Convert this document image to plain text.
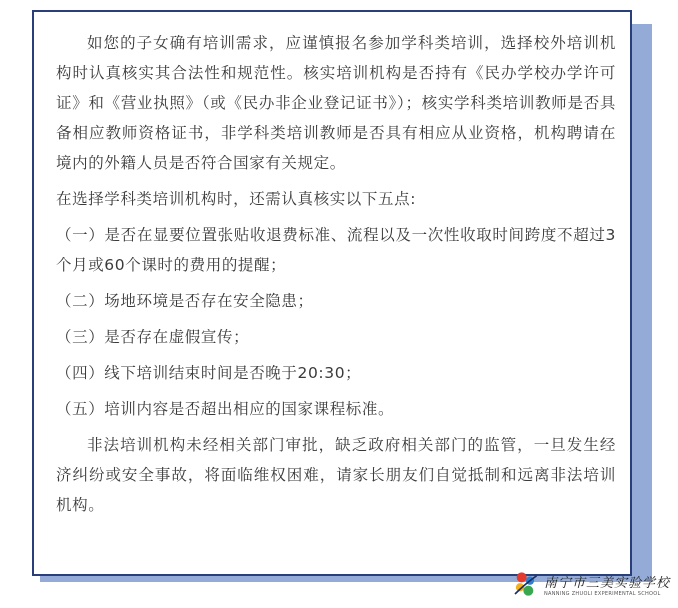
如您的子女确有培训需求，应谨慎报名参加学科类培训，选择校外培训机构时认真核实其合法性和规范性。核实培训机构是否持有《民办学校办学许可证》和《营业执照》（或《民办非企业登记证书》）；核实学科类培训教师是否具备相应教师资格证书，非学科类培训教师是否具有相应从业资格，机构聘请在境内的外籍人员是否符合国家有关规定。

在选择学科类培训机构时，还需认真核实以下五点:

（一）是否在显要位置张贴收退费标准、流程以及一次性收取时间跨度不超过3个月或60个课时的费用的提醒；

（二）场地环境是否存在安全隐患；

（三）是否存在虚假宣传；

（四）线下培训结束时间是否晚于20:30；

（五）培训内容是否超出相应的国家课程标准。

非法培训机构未经相关部门审批，缺乏政府相关部门的监管，一旦发生经济纠纷或安全事故，将面临维权困难，请家长朋友们自觉抵制和远离非法培训机构。

南宁市三美实验学校
NANNING ZHUOLI EXPERIMENTAL SCHOOL
